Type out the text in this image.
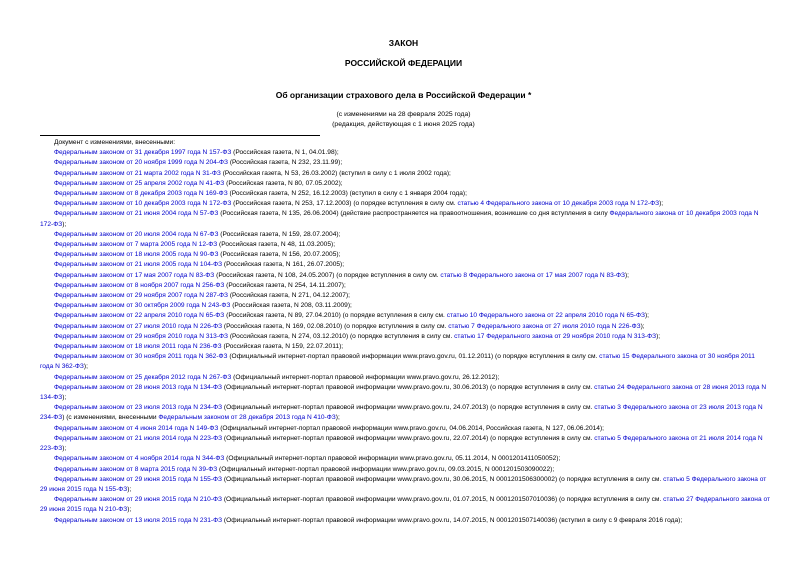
ЗАКОН
РОССИЙСКОЙ ФЕДЕРАЦИИ
Об организации страхового дела в Российской Федерации *
(с изменениями на 28 февраля 2025 года)
(редакция, действующая с 1 июня 2025 года)
Документ с изменениями, внесенными:
Федеральным законом от 31 декабря 1997 года N 157-ФЗ (Российская газета, N 1, 04.01.98);
Федеральным законом от 20 ноября 1999 года N 204-ФЗ (Российская газета, N 232, 23.11.99);
Федеральным законом от 21 марта 2002 года N 31-ФЗ (Российская газета, N 53, 26.03.2002) (вступил в силу с 1 июля 2002 года);
Федеральным законом от 25 апреля 2002 года N 41-ФЗ (Российская газета, N 80, 07.05.2002);
Федеральным законом от 8 декабря 2003 года N 169-ФЗ (Российская газета, N 252, 16.12.2003) (вступил в силу с 1 января 2004 года);
Федеральным законом от 10 декабря 2003 года N 172-ФЗ (Российская газета, N 253, 17.12.2003) (о порядке вступления в силу см. статью 4 Федерального закона от 10 декабря 2003 года N 172-ФЗ);
Федеральным законом от 21 июня 2004 года N 57-ФЗ (Российская газета, N 135, 26.06.2004) (действие распространяется на правоотношения, возникшие со дня вступления в силу Федерального закона от 10 декабря 2003 года N 172-ФЗ);
Федеральным законом от 20 июля 2004 года N 67-ФЗ (Российская газета, N 159, 28.07.2004);
Федеральным законом от 7 марта 2005 года N 12-ФЗ (Российская газета, N 48, 11.03.2005);
Федеральным законом от 18 июля 2005 года N 90-ФЗ (Российская газета, N 156, 20.07.2005);
Федеральным законом от 21 июля 2005 года N 104-ФЗ (Российская газета, N 161, 26.07.2005);
Федеральным законом от 17 мая 2007 года N 83-ФЗ (Российская газета, N 108, 24.05.2007) (о порядке вступления в силу см. статью 8 Федерального закона от 17 мая 2007 года N 83-ФЗ);
Федеральным законом от 8 ноября 2007 года N 256-ФЗ (Российская газета, N 254, 14.11.2007);
Федеральным законом от 29 ноября 2007 года N 287-ФЗ (Российская газета, N 271, 04.12.2007);
Федеральным законом от 30 октября 2009 года N 243-ФЗ (Российская газета, N 208, 03.11.2009);
Федеральным законом от 22 апреля 2010 года N 65-ФЗ (Российская газета, N 89, 27.04.2010) (о порядке вступления в силу см. статью 10 Федерального закона от 22 апреля 2010 года N 65-ФЗ);
Федеральным законом от 27 июля 2010 года N 226-ФЗ (Российская газета, N 169, 02.08.2010) (о порядке вступления в силу см. статью 7 Федерального закона от 27 июля 2010 года N 226-ФЗ);
Федеральным законом от 29 ноября 2010 года N 313-ФЗ (Российская газета, N 274, 03.12.2010) (о порядке вступления в силу см. статью 17 Федерального закона от 29 ноября 2010 года N 313-ФЗ);
Федеральным законом от 18 июля 2011 года N 236-ФЗ (Российская газета, N 159, 22.07.2011);
Федеральным законом от 30 ноября 2011 года N 362-ФЗ (Официальный интернет-портал правовой информации www.pravo.gov.ru, 01.12.2011) (о порядке вступления в силу см. статью 15 Федерального закона от 30 ноября 2011 года N 362-ФЗ);
Федеральным законом от 25 декабря 2012 года N 267-ФЗ (Официальный интернет-портал правовой информации www.pravo.gov.ru, 26.12.2012);
Федеральным законом от 28 июня 2013 года N 134-ФЗ (Официальный интернет-портал правовой информации www.pravo.gov.ru, 30.06.2013) (о порядке вступления в силу см. статью 24 Федерального закона от 28 июня 2013 года N 134-ФЗ);
Федеральным законом от 23 июля 2013 года N 234-ФЗ (Официальный интернет-портал правовой информации www.pravo.gov.ru, 24.07.2013) (о порядке вступления в силу см. статью 3 Федерального закона от 23 июля 2013 года N 234-ФЗ) (с изменениями, внесенными Федеральным законом от 28 декабря 2013 года N 410-ФЗ);
Федеральным законом от 4 июня 2014 года N 149-ФЗ (Официальный интернет-портал правовой информации www.pravo.gov.ru, 04.06.2014, Российская газета, N 127, 06.06.2014);
Федеральным законом от 21 июля 2014 года N 223-ФЗ (Официальный интернет-портал правовой информации www.pravo.gov.ru, 22.07.2014) (о порядке вступления в силу см. статью 5 Федерального закона от 21 июля 2014 года N 223-ФЗ);
Федеральным законом от 4 ноября 2014 года N 344-ФЗ (Официальный интернет-портал правовой информации www.pravo.gov.ru, 05.11.2014, N 0001201411050052);
Федеральным законом от 8 марта 2015 года N 39-ФЗ (Официальный интернет-портал правовой информации www.pravo.gov.ru, 09.03.2015, N 0001201503090022);
Федеральным законом от 29 июня 2015 года N 155-ФЗ (Официальный интернет-портал правовой информации www.pravo.gov.ru, 30.06.2015, N 0001201506300002) (о порядке вступления в силу см. статью 5 Федерального закона от 29 июня 2015 года N 155-ФЗ);
Федеральным законом от 29 июня 2015 года N 210-ФЗ (Официальный интернет-портал правовой информации www.pravo.gov.ru, 01.07.2015, N 0001201507010036) (о порядке вступления в силу см. статью 27 Федерального закона от 29 июня 2015 года N 210-ФЗ);
Федеральным законом от 13 июля 2015 года N 231-ФЗ (Официальный интернет-портал правовой информации www.pravo.gov.ru, 14.07.2015, N 0001201507140036) (вступил в силу с 9 февраля 2016 года);
